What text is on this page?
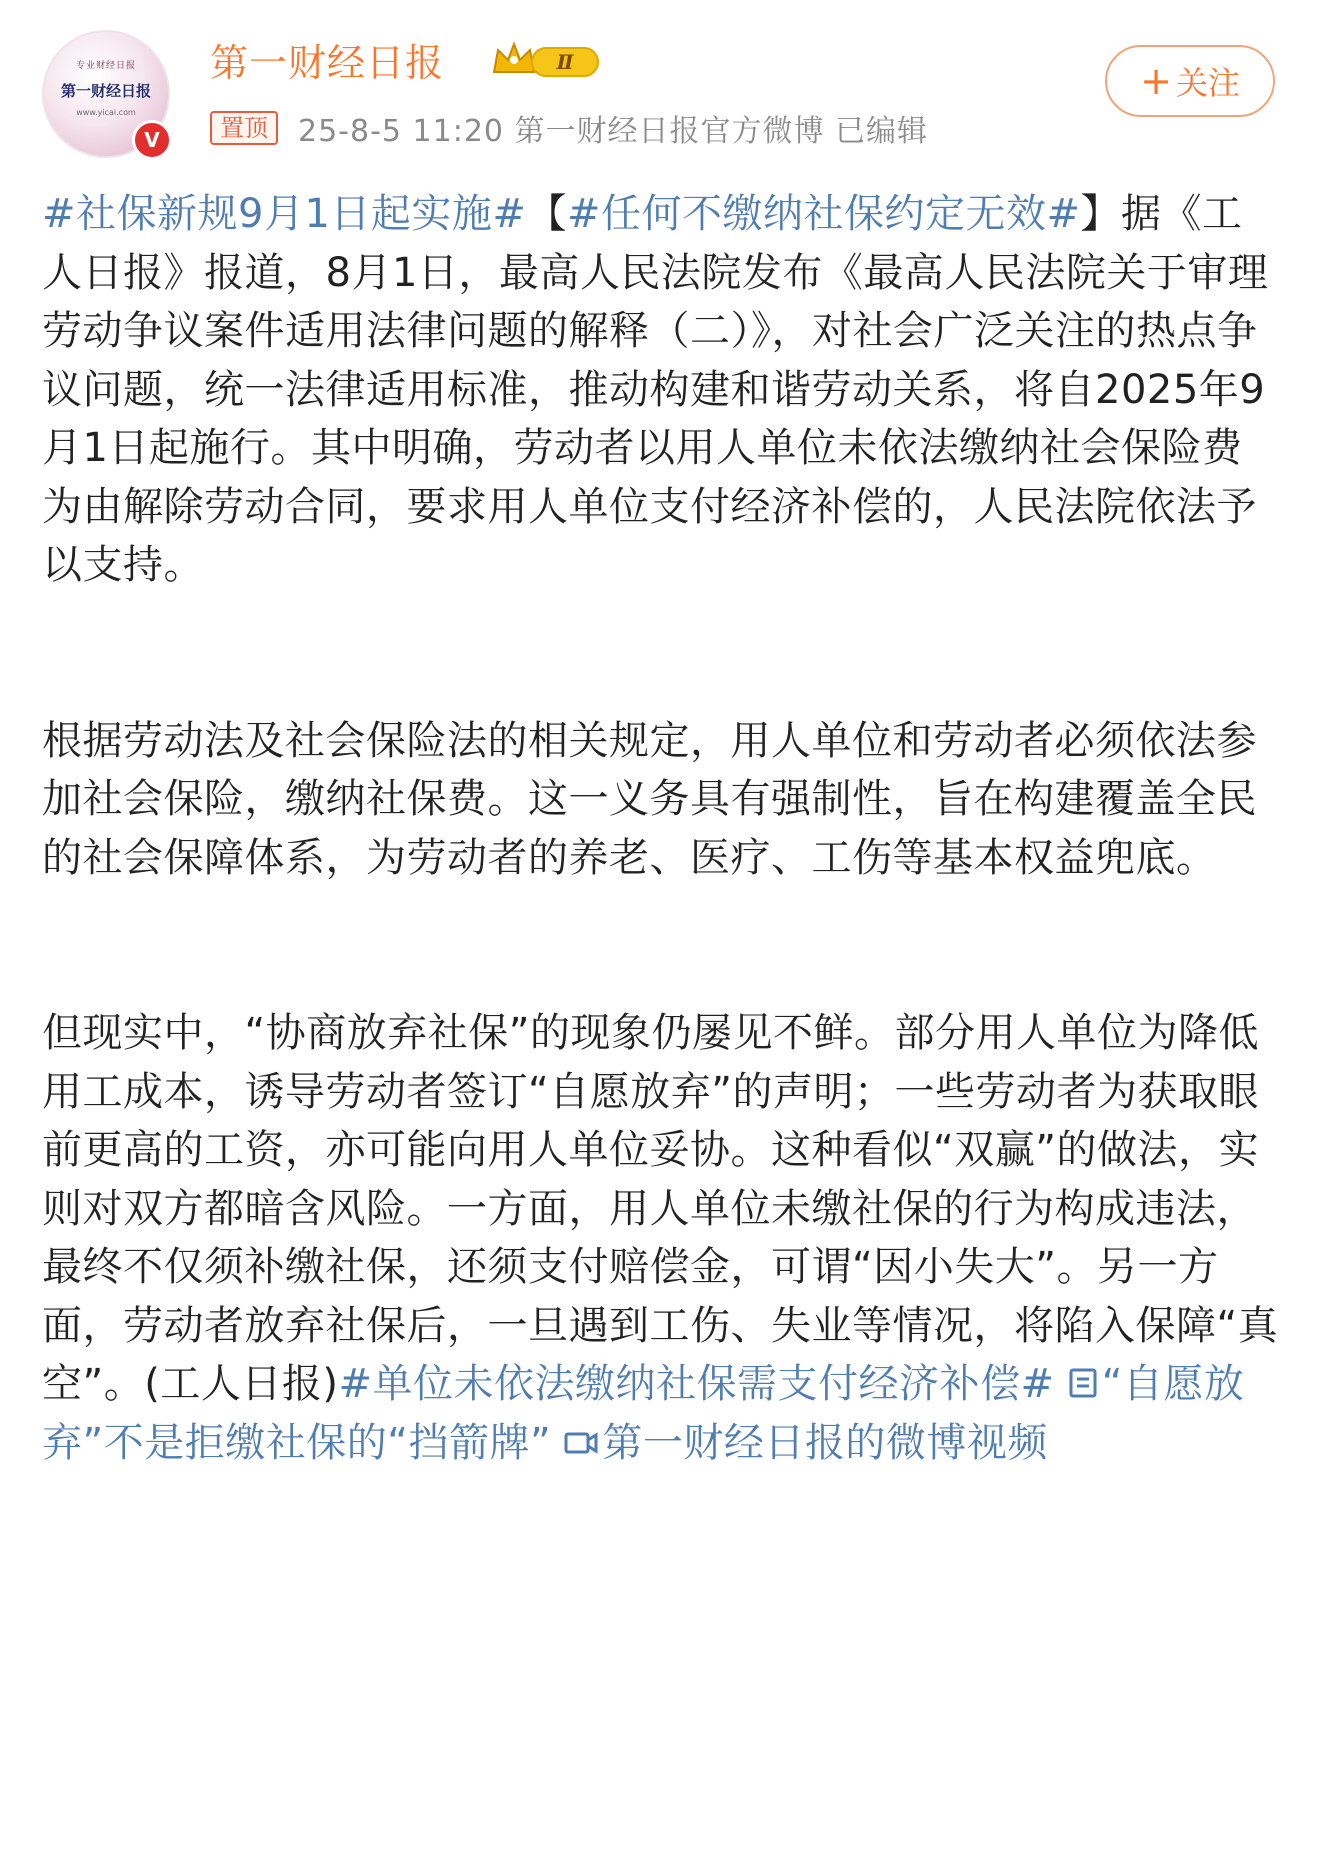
专业财经日报
第一财经日报
www.yicai.com
V
第一财经日报	Ⅱ
置顶	25-8-5 11:20 第一财经日报官方微博 已编辑
+ 关注

#社保新规9月1日起实施#【#任何不缴纳社保约定无效#】据《工人日报》报道，8月1日，最高人民法院发布《最高人民法院关于审理劳动争议案件适用法律问题的解释（二）》，对社会广泛关注的热点争议问题，统一法律适用标准，推动构建和谐劳动关系，将自2025年9月1日起施行。其中明确，劳动者以用人单位未依法缴纳社会保险费为由解除劳动合同，要求用人单位支付经济补偿的，人民法院依法予以支持。

根据劳动法及社会保险法的相关规定，用人单位和劳动者必须依法参加社会保险，缴纳社保费。这一义务具有强制性，旨在构建覆盖全民的社会保障体系，为劳动者的养老、医疗、工伤等基本权益兜底。

但现实中，“协商放弃社保”的现象仍屡见不鲜。部分用人单位为降低用工成本，诱导劳动者签订“自愿放弃”的声明；一些劳动者为获取眼前更高的工资，亦可能向用人单位妥协。这种看似“双赢”的做法，实则对双方都暗含风险。一方面，用人单位未缴社保的行为构成违法，最终不仅须补缴社保，还须支付赔偿金，可谓“因小失大”。另一方面，劳动者放弃社保后，一旦遇到工伤、失业等情况，将陷入保障“真空”。(工人日报)#单位未依法缴纳社保需支付经济补偿# “自愿放弃”不是拒缴社保的“挡箭牌” 第一财经日报的微博视频
